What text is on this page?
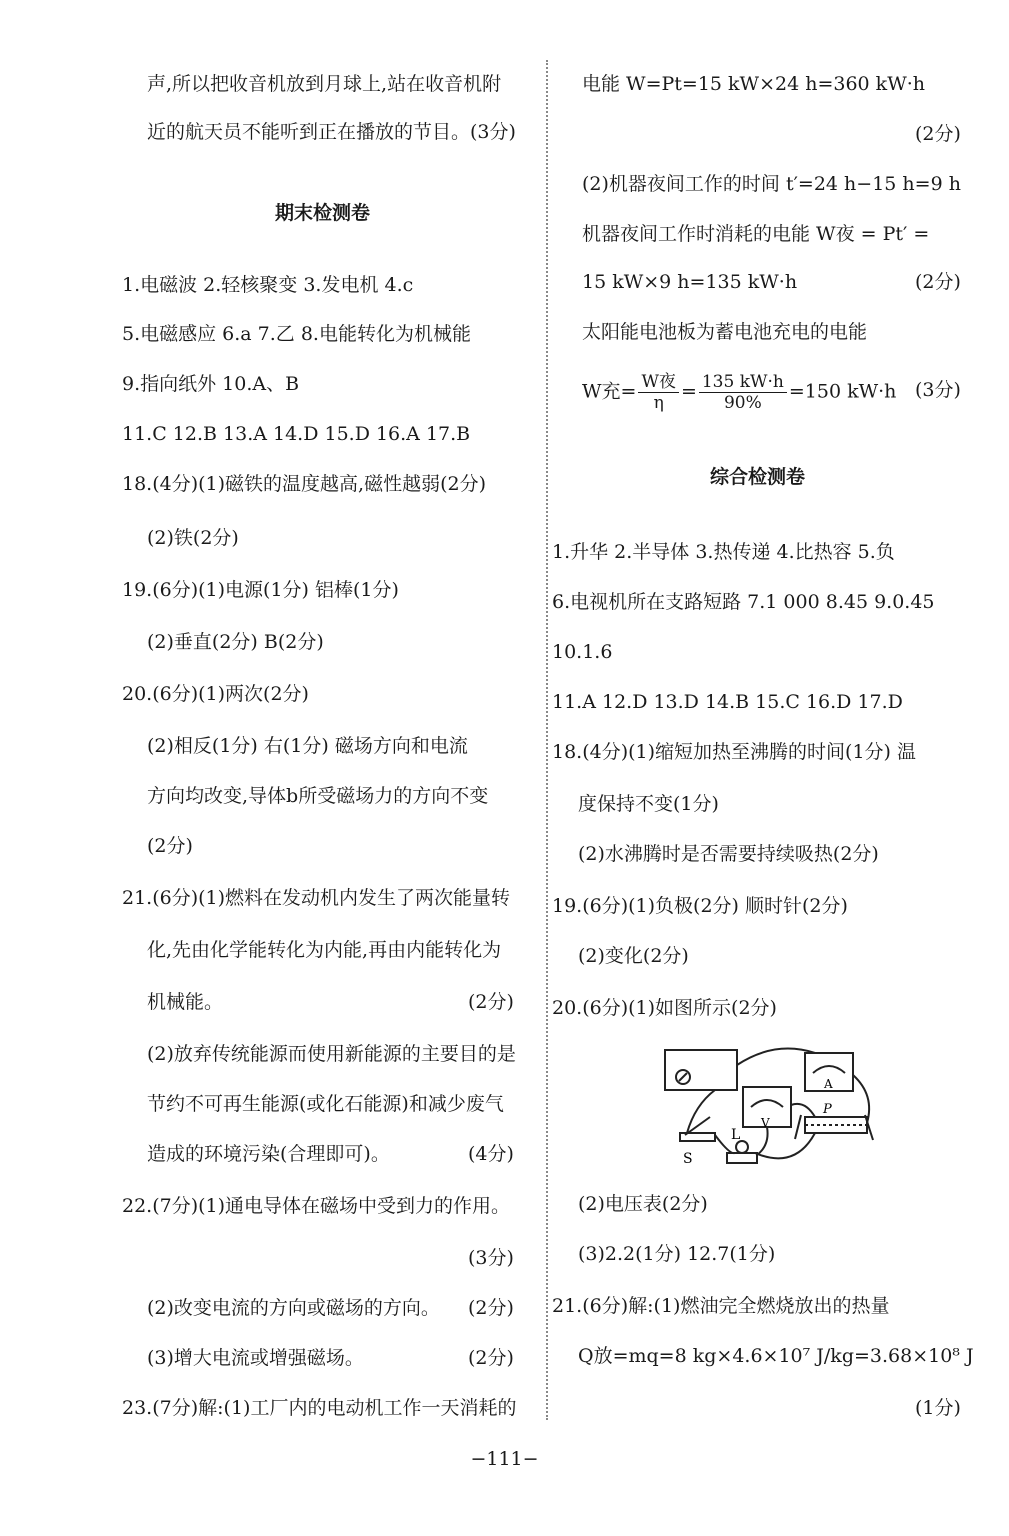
声,所以把收音机放到月球上,站在收音机附
近的航天员不能听到正在播放的节目。(3分)
1.电磁波 2.轻核聚变 3.发电机 4.c
5.电磁感应 6.a 7.乙 8.电能转化为机械能
9.指向纸外 10.A、B
11.C 12.B 13.A 14.D 15.D 16.A 17.B
18.(4分)(1)磁铁的温度越高,磁性越弱(2分)
(2)铁(2分)
19.(6分)(1)电源(1分) 铝棒(1分)
(2)垂直(2分) B(2分)
20.(6分)(1)两次(2分)
(2)相反(1分) 右(1分) 磁场方向和电流
方向均改变,导体b所受磁场力的方向不变
(2分)
21.(6分)(1)燃料在发动机内发生了两次能量转
化,先由化学能转化为内能,再由内能转化为
机械能。
(2)放弃传统能源而使用新能源的主要目的是
节约不可再生能源(或化石能源)和减少废气
造成的环境污染(合理即可)。
22.(7分)(1)通电导体在磁场中受到力的作用。
(2)改变电流的方向或磁场的方向。
(3)增大电流或增强磁场。
23.(7分)解:(1)工厂内的电动机工作一天消耗的
(2分)
(4分)
(3分)
(2分)
(2分)
期末检测卷
电能 W=Pt=15 kW×24 h=360 kW·h
(2)机器夜间工作的时间 t′=24 h−15 h=9 h
机器夜间工作时消耗的电能 W夜 = Pt′ =
15 kW×9 h=135 kW·h
太阳能电池板为蓄电池充电的电能
1.升华 2.半导体 3.热传递 4.比热容 5.负
6.电视机所在支路短路 7.1 000 8.45 9.0.45
10.1.6
11.A 12.D 13.D 14.B 15.C 16.D 17.D
18.(4分)(1)缩短加热至沸腾的时间(1分) 温
度保持不变(1分)
(2)水沸腾时是否需要持续吸热(2分)
19.(6分)(1)负极(2分) 顺时针(2分)
(2)变化(2分)
20.(6分)(1)如图所示(2分)
(2)电压表(2分)
(3)2.2(1分) 12.7(1分)
21.(6分)解:(1)燃油完全燃烧放出的热量
Q放=mq=8 kg×4.6×10⁷ J/kg=3.68×10⁸ J
(2分)
(2分)
(3分)
(1分)
综合检测卷
W充= $\frac{\text{W夜}}{\eta} = \frac{135 kW\cdot h}{90\%} =150$ kW·h
S
L
V
A
P
−111−
